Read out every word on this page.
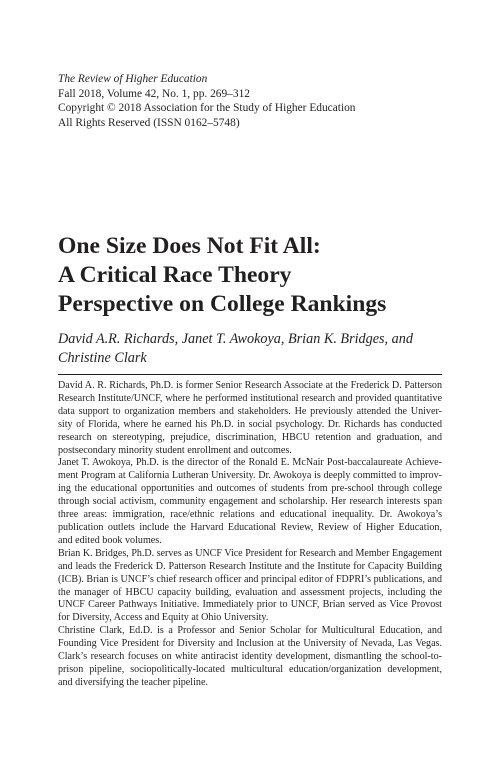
The Review of Higher Education
Fall 2018, Volume 42, No. 1, pp. 269–312
Copyright © 2018 Association for the Study of Higher Education
All Rights Reserved (ISSN 0162–5748)
One Size Does Not Fit All:
A Critical Race Theory
Perspective on College Rankings
David A.R. Richards, Janet T. Awokoya, Brian K. Bridges, and
Christine Clark
David A. R. Richards, Ph.D. is former Senior Research Associate at the Frederick D. Patterson
Research Institute/UNCF, where he performed institutional research and provided quantitative
data support to organization members and stakeholders. He previously attended the Univer-
sity of Florida, where he earned his Ph.D. in social psychology. Dr. Richards has conducted
research on stereotyping, prejudice, discrimination, HBCU retention and graduation, and
postsecondary minority student enrollment and outcomes.
Janet T. Awokoya, Ph.D. is the director of the Ronald E. McNair Post-baccalaureate Achieve-
ment Program at California Lutheran University. Dr. Awokoya is deeply committed to improv-
ing the educational opportunities and outcomes of students from pre-school through college
through social activism, community engagement and scholarship. Her research interests span
three areas: immigration, race/ethnic relations and educational inequality. Dr. Awokoya’s
publication outlets include the Harvard Educational Review, Review of Higher Education,
and edited book volumes.
Brian K. Bridges, Ph.D. serves as UNCF Vice President for Research and Member Engagement
and leads the Frederick D. Patterson Research Institute and the Institute for Capacity Building
(ICB). Brian is UNCF’s chief research officer and principal editor of FDPRI’s publications, and
the manager of HBCU capacity building, evaluation and assessment projects, including the
UNCF Career Pathways Initiative. Immediately prior to UNCF, Brian served as Vice Provost
for Diversity, Access and Equity at Ohio University.
Christine Clark, Ed.D. is a Professor and Senior Scholar for Multicultural Education, and
Founding Vice President for Diversity and Inclusion at the University of Nevada, Las Vegas.
Clark’s research focuses on white antiracist identity development, dismantling the school-to-
prison pipeline, sociopolitically-located multicultural education/organization development,
and diversifying the teacher pipeline.
